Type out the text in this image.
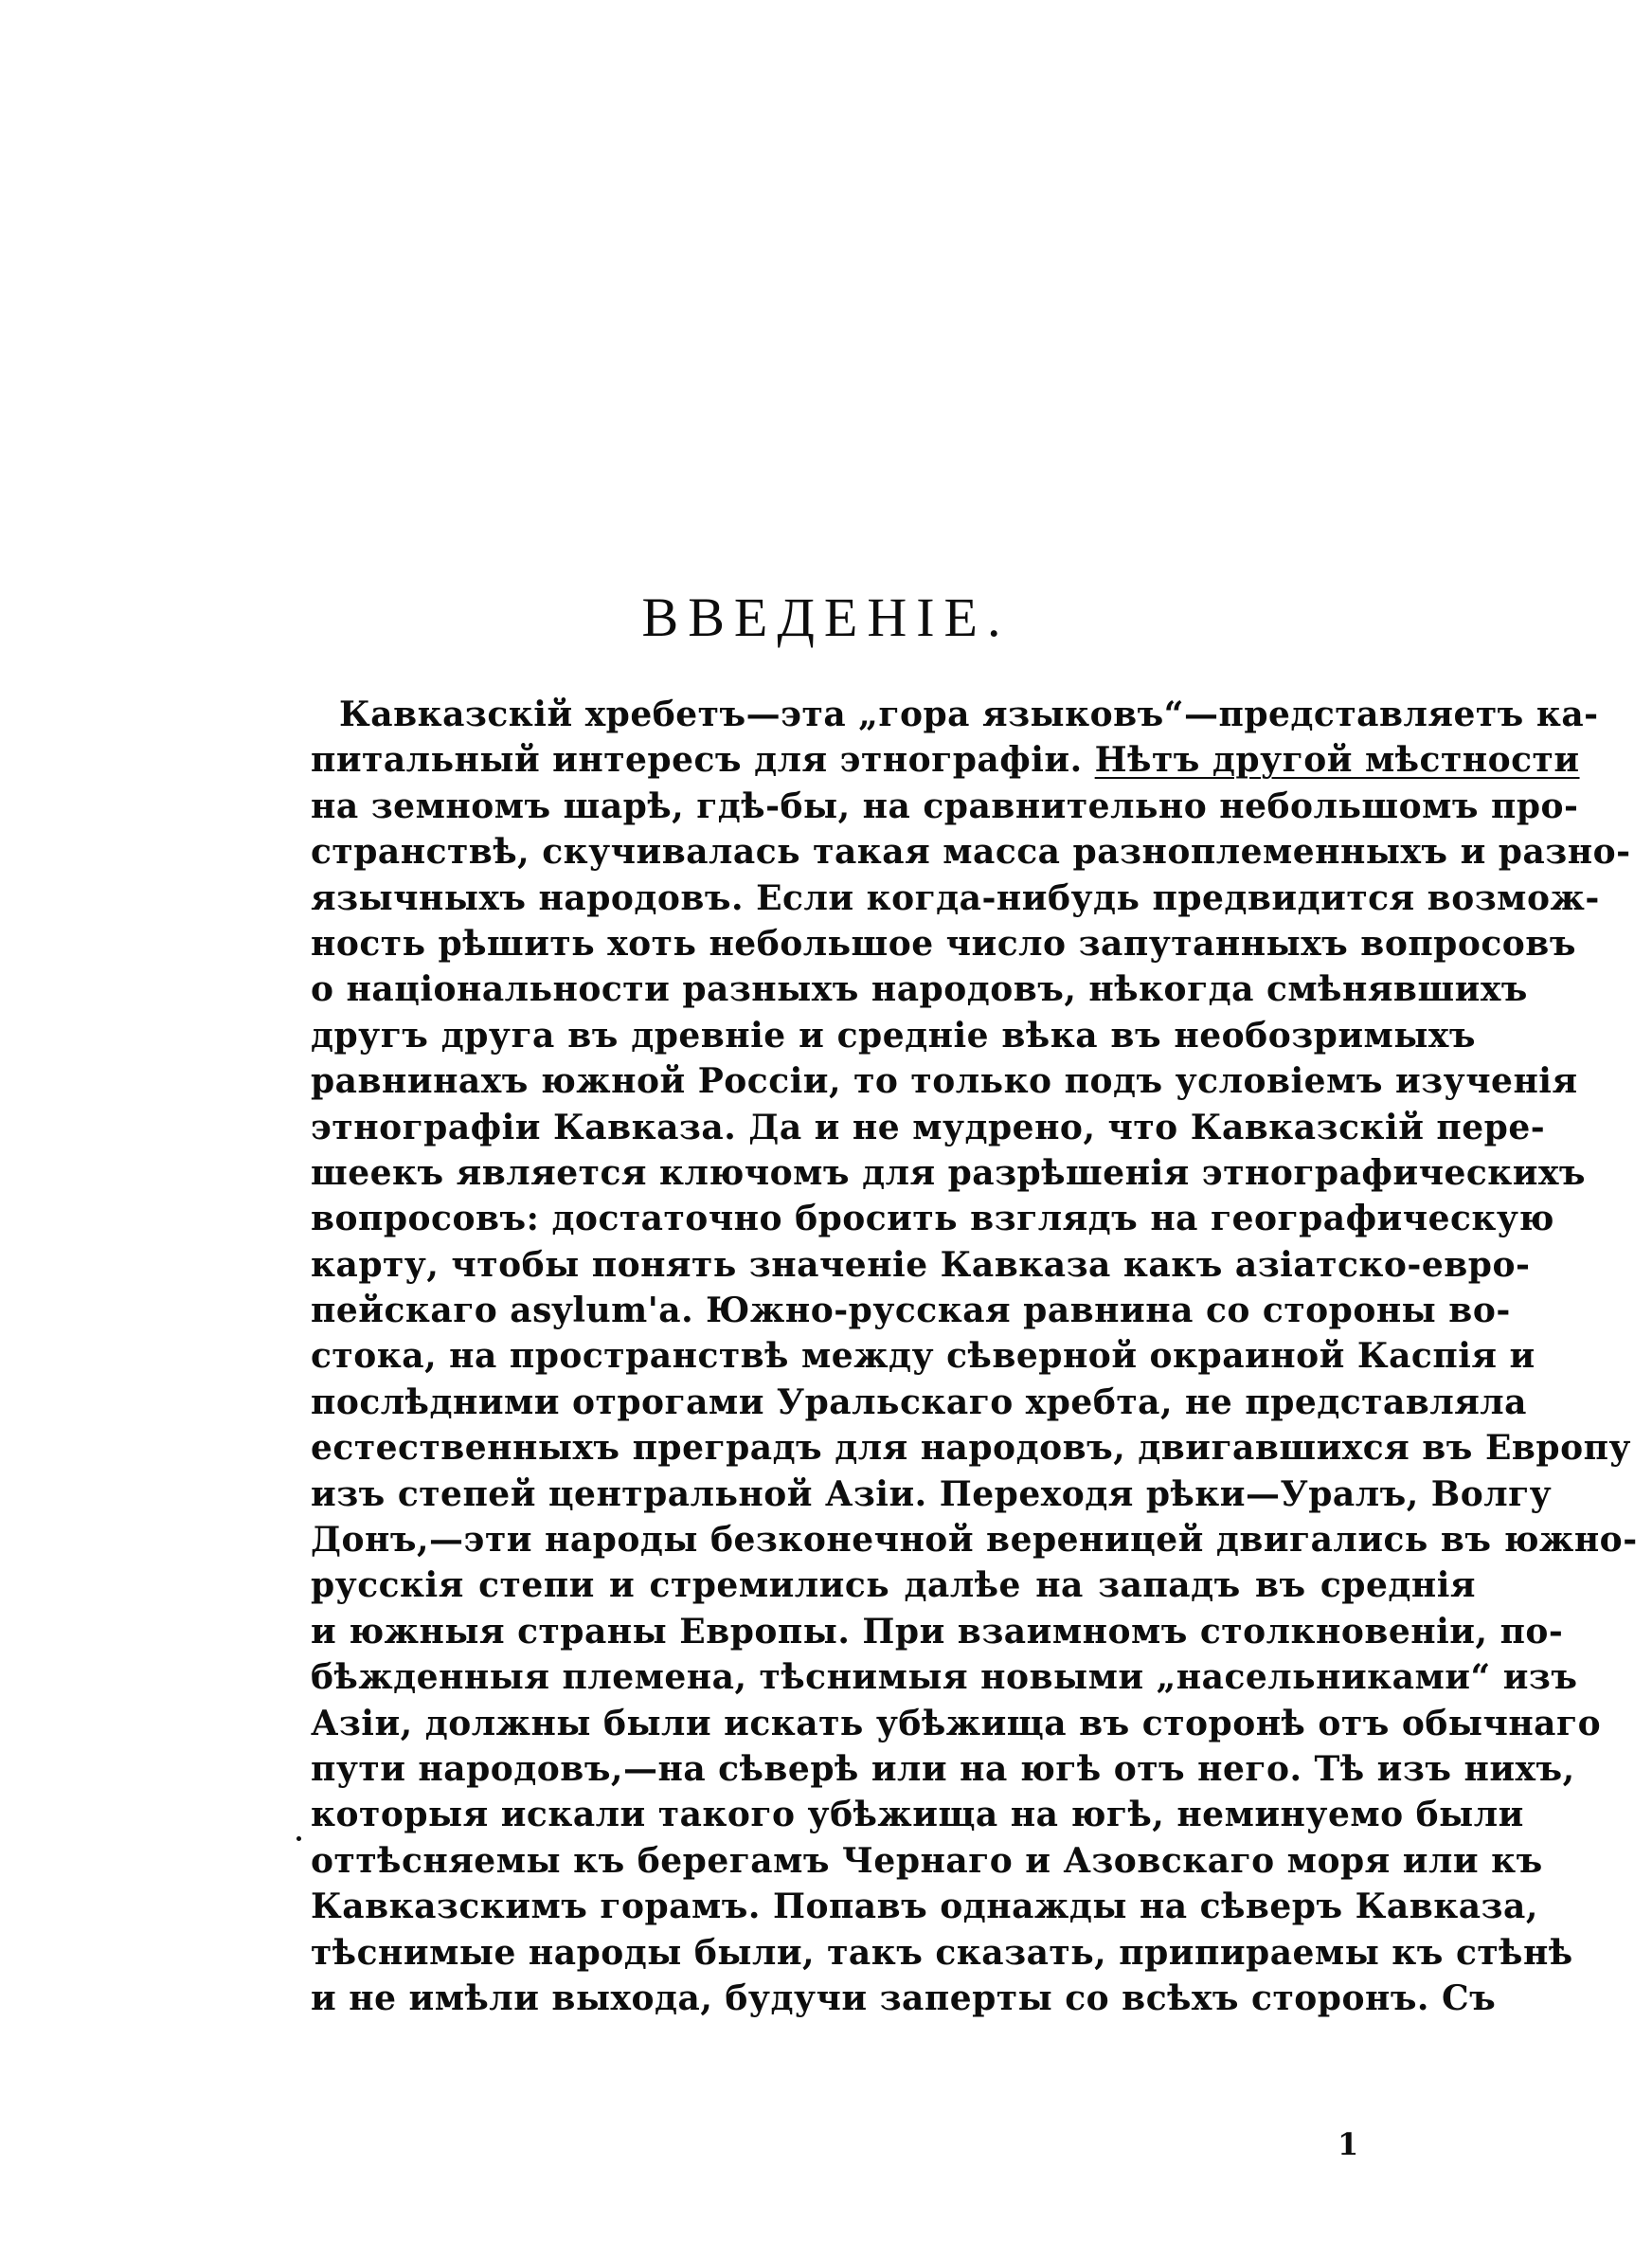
ВВЕДЕНІЕ.
Кавказскій хребетъ—эта „гора языковъ“—представляетъ ка-
питальный интересъ для этнографіи. Нѣтъ другой мѣстности
на земномъ шарѣ, гдѣ-бы, на сравнительно небольшомъ про-
странствѣ, скучивалась такая масса разноплеменныхъ и разно-
язычныхъ народовъ. Если когда-нибудь предвидится возмож-
ность рѣшить хоть небольшое число запутанныхъ вопросовъ
о національности разныхъ народовъ, нѣкогда смѣнявшихъ
другъ друга въ древніе и средніе вѣка въ необозримыхъ
равнинахъ южной Россіи, то только подъ условіемъ изученія
этнографіи Кавказа. Да и не мудрено, что Кавказскій пере-
шеекъ является ключомъ для разрѣшенія этнографическихъ
вопросовъ: достаточно бросить взглядъ на географическую
карту, чтобы понять значеніе Кавказа какъ азіатско-евро-
пейскаго asylum'а. Южно-русская равнина со стороны во-
стока, на пространствѣ между сѣверной окраиной Каспія и
послѣдними отрогами Уральскаго хребта, не представляла
естественныхъ преградъ для народовъ, двигавшихся въ Европу
изъ степей центральной Азіи. Переходя рѣки—Уралъ, Волгу
Донъ,—эти народы безконечной вереницей двигались въ южно-
русскія степи и стремились далѣе на западъ въ среднія
и южныя страны Европы. При взаимномъ столкновеніи, по-
бѣжденныя племена, тѣснимыя новыми „насельниками“ изъ
Азіи, должны были искать убѣжища въ сторонѣ отъ обычнаго
пути народовъ,—на сѣверѣ или на югѣ отъ него. Тѣ изъ нихъ,
которыя искали такого убѣжища на югѣ, неминуемо были
оттѣсняемы къ берегамъ Чернаго и Азовскаго моря или къ
Кавказскимъ горамъ. Попавъ однажды на сѣверъ Кавказа,
тѣснимые народы были, такъ сказать, припираемы къ стѣнѣ
и не имѣли выхода, будучи заперты со всѣхъ сторонъ. Съ
1
